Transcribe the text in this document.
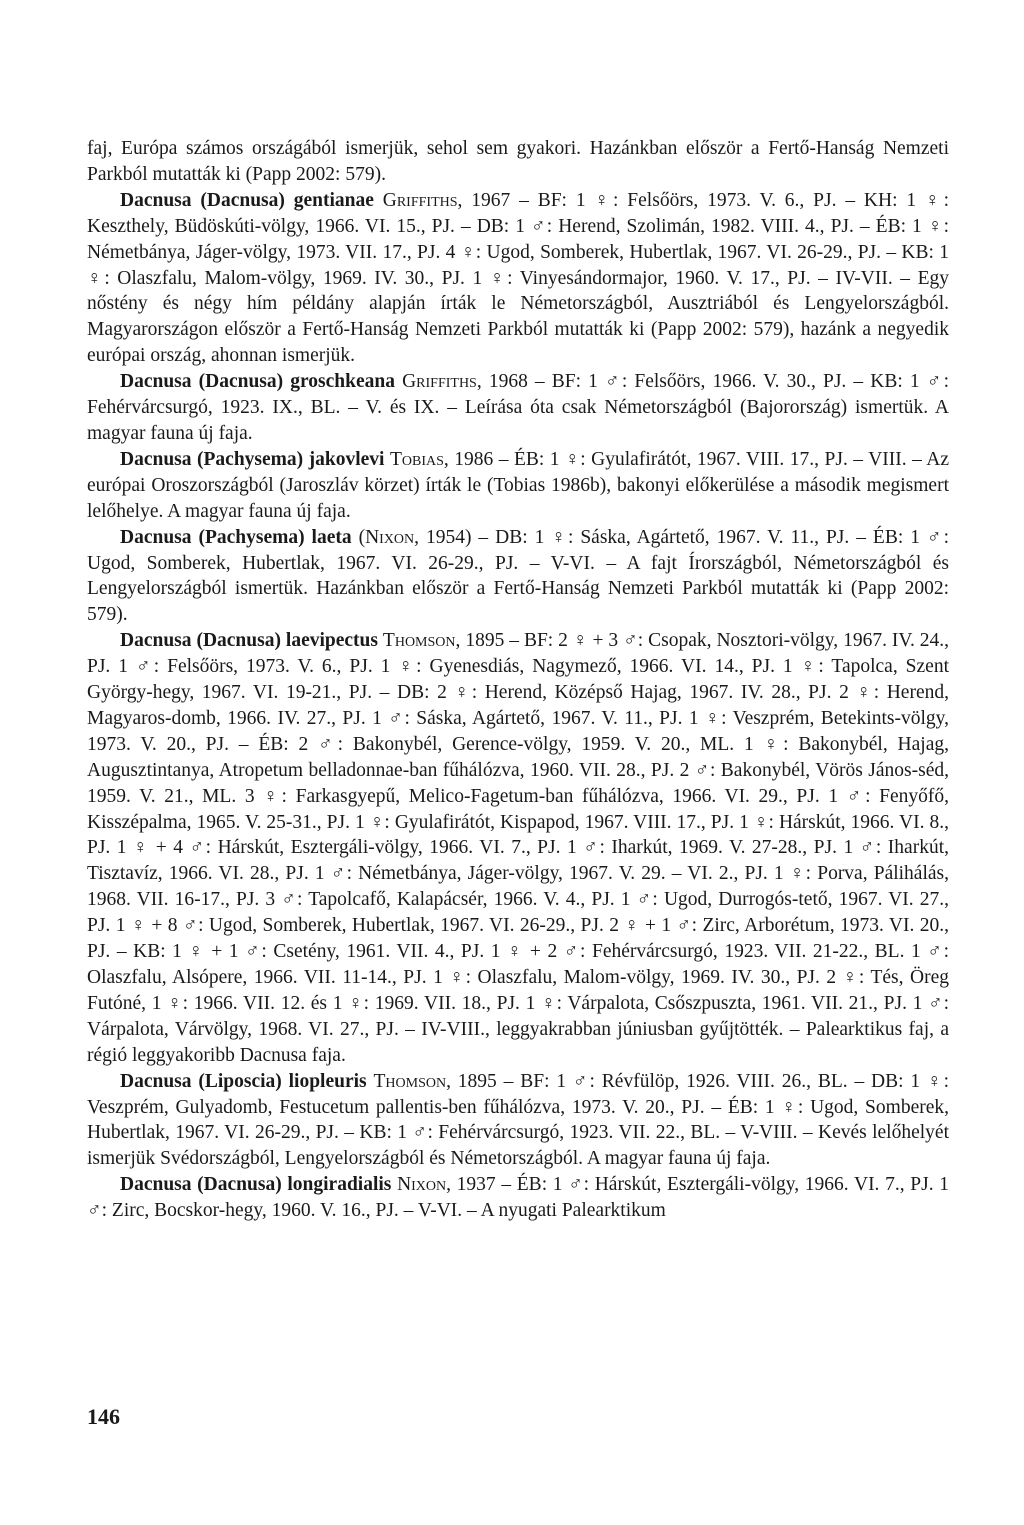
faj, Európa számos országából ismerjük, sehol sem gyakori. Hazánkban először a Fertő-Hanság Nemzeti Parkból mutatták ki (Papp 2002: 579).

Dacnusa (Dacnusa) gentianae Griffiths, 1967 – BF: 1 ♀: Felsőörs, 1973. V. 6., PJ. – KH: 1 ♀: Keszthely, Büdöskúti-völgy, 1966. VI. 15., PJ. – DB: 1 ♂: Herend, Szolimán, 1982. VIII. 4., PJ. – ÉB: 1 ♀: Németbánya, Jáger-völgy, 1973. VII. 17., PJ. 4 ♀: Ugod, Somberek, Hubertlak, 1967. VI. 26-29., PJ. – KB: 1 ♀: Olaszfalu, Malom-völgy, 1969. IV. 30., PJ. 1 ♀: Vinyesándormajor, 1960. V. 17., PJ. – IV-VII. – Egy nőstény és négy hím példány alapján írták le Németországból, Ausztriából és Lengyelországból. Magyarországon először a Fertő-Hanság Nemzeti Parkból mutatták ki (Papp 2002: 579), hazánk a negyedik európai ország, ahonnan ismerjük.

Dacnusa (Dacnusa) groschkeana Griffiths, 1968 – BF: 1 ♂: Felsőörs, 1966. V. 30., PJ. – KB: 1 ♂: Fehérvárcsurgó, 1923. IX., BL. – V. és IX. – Leírása óta csak Németországból (Bajorország) ismertük. A magyar fauna új faja.

Dacnusa (Pachysema) jakovlevi Tobias, 1986 – ÉB: 1 ♀: Gyulafirátót, 1967. VIII. 17., PJ. – VIII. – Az európai Oroszországból (Jaroszláv körzet) írták le (Tobias 1986b), bakonyi előkerülése a második megismert lelőhelye. A magyar fauna új faja.

Dacnusa (Pachysema) laeta (Nixon, 1954) – DB: 1 ♀: Sáska, Agártető, 1967. V. 11., PJ. – ÉB: 1 ♂: Ugod, Somberek, Hubertlak, 1967. VI. 26-29., PJ. – V-VI. – A fajt Írországból, Németországból és Lengyelországból ismertük. Hazánkban először a Fertő-Hanság Nemzeti Parkból mutatták ki (Papp 2002: 579).

Dacnusa (Dacnusa) laevipectus Thomson, 1895 – BF: 2 ♀ + 3 ♂: Csopak, Nosztori-völgy, 1967. IV. 24., PJ. 1 ♂: Felsőörs, 1973. V. 6., PJ. 1 ♀: Gyenesdiás, Nagymező, 1966. VI. 14., PJ. 1 ♀: Tapolca, Szent György-hegy, 1967. VI. 19-21., PJ. – DB: 2 ♀: Herend, Középső Hajag, 1967. IV. 28., PJ. 2 ♀: Herend, Magyaros-domb, 1966. IV. 27., PJ. 1 ♂: Sáska, Agártető, 1967. V. 11., PJ. 1 ♀: Veszprém, Betekints-völgy, 1973. V. 20., PJ. – ÉB: 2 ♂: Bakonybél, Gerence-völgy, 1959. V. 20., ML. 1 ♀: Bakonybél, Hajag, Augusztintanya, Atropetum belladonnae-ban fűhálózva, 1960. VII. 28., PJ. 2 ♂: Bakonybél, Vörös János-séd, 1959. V. 21., ML. 3 ♀: Farkasgyepű, Melico-Fagetum-ban fűhálózva, 1966. VI. 29., PJ. 1 ♂: Fenyőfő, Kisszépalma, 1965. V. 25-31., PJ. 1 ♀: Gyulafirátót, Kispapod, 1967. VIII. 17., PJ. 1 ♀: Hárskút, 1966. VI. 8., PJ. 1 ♀ + 4 ♂: Hárskút, Esztergáli-völgy, 1966. VI. 7., PJ. 1 ♂: Iharkút, 1969. V. 27-28., PJ. 1 ♂: Iharkút, Tisztavíz, 1966. VI. 28., PJ. 1 ♂: Németbánya, Jáger-völgy, 1967. V. 29. – VI. 2., PJ. 1 ♀: Porva, Pálihálás, 1968. VII. 16-17., PJ. 3 ♂: Tapolcafő, Kalapácsér, 1966. V. 4., PJ. 1 ♂: Ugod, Durrogós-tető, 1967. VI. 27., PJ. 1 ♀ + 8 ♂: Ugod, Somberek, Hubertlak, 1967. VI. 26-29., PJ. 2 ♀ + 1 ♂: Zirc, Arborétum, 1973. VI. 20., PJ. – KB: 1 ♀ + 1 ♂: Csetény, 1961. VII. 4., PJ. 1 ♀ + 2 ♂: Fehérvárcsurgó, 1923. VII. 21-22., BL. 1 ♂: Olaszfalu, Alsópere, 1966. VII. 11-14., PJ. 1 ♀: Olaszfalu, Malom-völgy, 1969. IV. 30., PJ. 2 ♀: Tés, Öreg Futóné, 1 ♀: 1966. VII. 12. és 1 ♀: 1969. VII. 18., PJ. 1 ♀: Várpalota, Csőszpuszta, 1961. VII. 21., PJ. 1 ♂: Várpalota, Várvölgy, 1968. VI. 27., PJ. – IV-VIII., leggyakrabban júniusban gyűjtötték. – Palearktikus faj, a régió leggyakoribb Dacnusa faja.

Dacnusa (Liposcia) liopleuris Thomson, 1895 – BF: 1 ♂: Révfülöp, 1926. VIII. 26., BL. – DB: 1 ♀: Veszprém, Gulyadomb, Festucetum pallentis-ben fűhálózva, 1973. V. 20., PJ. – ÉB: 1 ♀: Ugod, Somberek, Hubertlak, 1967. VI. 26-29., PJ. – KB: 1 ♂: Fehérvárcsurgó, 1923. VII. 22., BL. – V-VIII. – Kevés lelőhelyét ismerjük Svédországból, Lengyelországból és Németországból. A magyar fauna új faja.

Dacnusa (Dacnusa) longiradialis Nixon, 1937 – ÉB: 1 ♂: Hárskút, Esztergáli-völgy, 1966. VI. 7., PJ. 1 ♂: Zirc, Bocskor-hegy, 1960. V. 16., PJ. – V-VI. – A nyugati Palearktikum

146
